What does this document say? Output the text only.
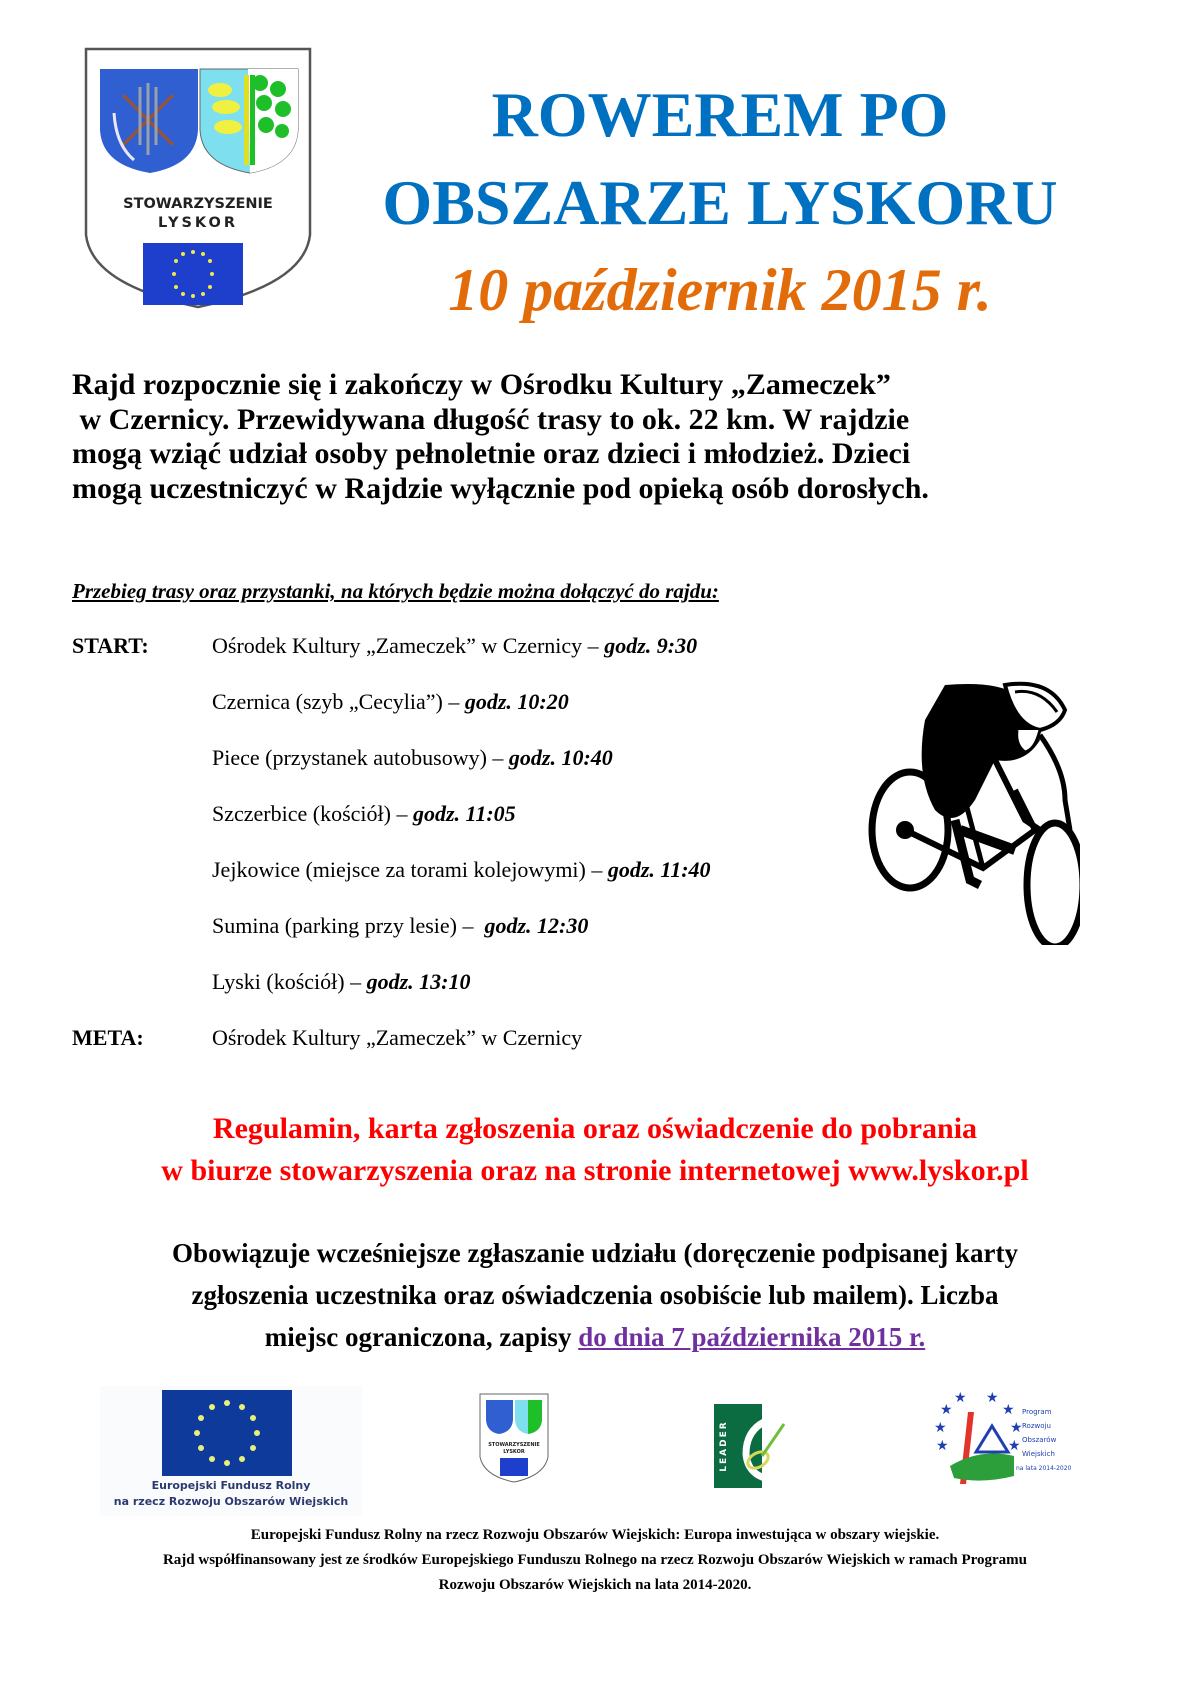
STOWARZYSZENIE
LYSKOR
ROWEREM PO
OBSZARZE LYSKORU
10 październik 2015 r.

Rajd rozpocznie się i zakończy w Ośrodku Kultury „Zameczek”

w Czernicy. Przewidywana długość trasy to ok. 22 km. W rajdzie

mogą wziąć udział osoby pełnoletnie oraz dzieci i młodzież. Dzieci

mogą uczestniczyć w Rajdzie wyłącznie pod opieką osób dorosłych.

Przebieg trasy oraz przystanki, na których będzie można dołączyć do rajdu:
START:	Ośrodek Kultury „Zameczek” w Czernicy – godz. 9:30
Czernica (szyb „Cecylia”) – godz. 10:20
Piece (przystanek autobusowy) – godz. 10:40
Szczerbice (kościół) – godz. 11:05
Jejkowice (miejsce za torami kolejowymi) – godz. 11:40
Sumina (parking przy lesie) –  godz. 12:30
Lyski (kościół) – godz. 13:10
META:	Ośrodek Kultury „Zameczek” w Czernicy
Regulamin, karta zgłoszenia oraz oświadczenie do pobrania
w biurze stowarzyszenia oraz na stronie internetowej www.lyskor.pl
Obowiązuje wcześniejsze zgłaszanie udziału (doręczenie podpisanej karty
zgłoszenia uczestnika oraz oświadczenia osobiście lub mailem). Liczba
miejsc ograniczona, zapisy do dnia 7 października 2015 r.
Europejski Fundusz Rolny
na rzecz Rozwoju Obszarów Wiejskich
STOWARZYSZENIE
LYSKOR	LEADER	★
★
★ ★
★
★
★	★
Program
Rozwoju
Obszarów
Wiejskich
na lata 2014-2020
Europejski Fundusz Rolny na rzecz Rozwoju Obszarów Wiejskich: Europa inwestująca w obszary wiejskie.
Rajd współfinansowany jest ze środków Europejskiego Funduszu Rolnego na rzecz Rozwoju Obszarów Wiejskich w ramach Programu
Rozwoju Obszarów Wiejskich na lata 2014-2020.
